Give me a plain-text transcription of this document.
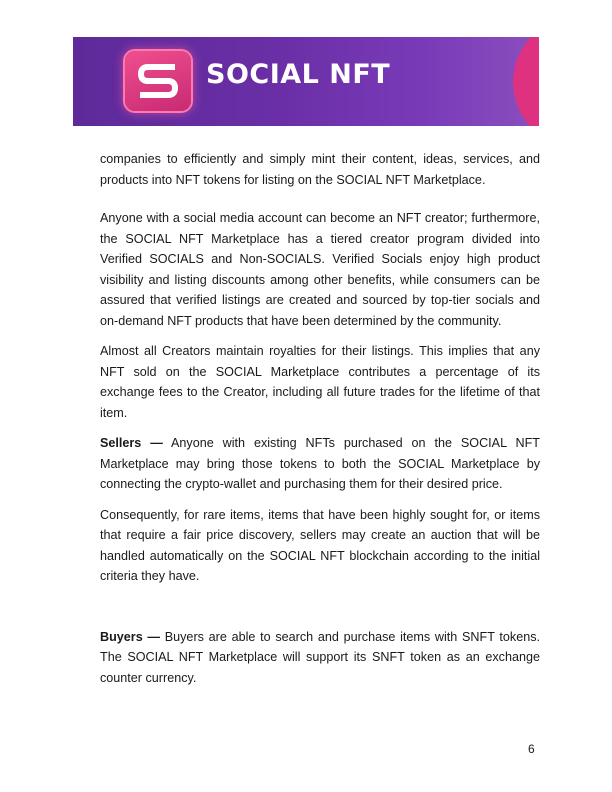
SOCIAL NFT

companies to efficiently and simply mint their content, ideas, services, and products into NFT tokens for listing on the SOCIAL NFT Marketplace.

Anyone with a social media account can become an NFT creator; furthermore, the SOCIAL NFT Marketplace has a tiered creator program divided into Verified SOCIALS and Non-SOCIALS. Verified Socials enjoy high product visibility and listing discounts among other benefits, while consumers can be assured that verified listings are created and sourced by top-tier socials and on-demand NFT products that have been determined by the community.

Almost all Creators maintain royalties for their listings. This implies that any NFT sold on the SOCIAL Marketplace contributes a percentage of its exchange fees to the Creator, including all future trades for the lifetime of that item.

Sellers — Anyone with existing NFTs purchased on the SOCIAL NFT Marketplace may bring those tokens to both the SOCIAL Marketplace by connecting the crypto-wallet and purchasing them for their desired price.

Consequently, for rare items, items that have been highly sought for, or items that require a fair price discovery, sellers may create an auction that will be handled automatically on the SOCIAL NFT blockchain according to the initial criteria they have.

Buyers — Buyers are able to search and purchase items with SNFT tokens. The SOCIAL NFT Marketplace will support its SNFT token as an exchange counter currency.

6
